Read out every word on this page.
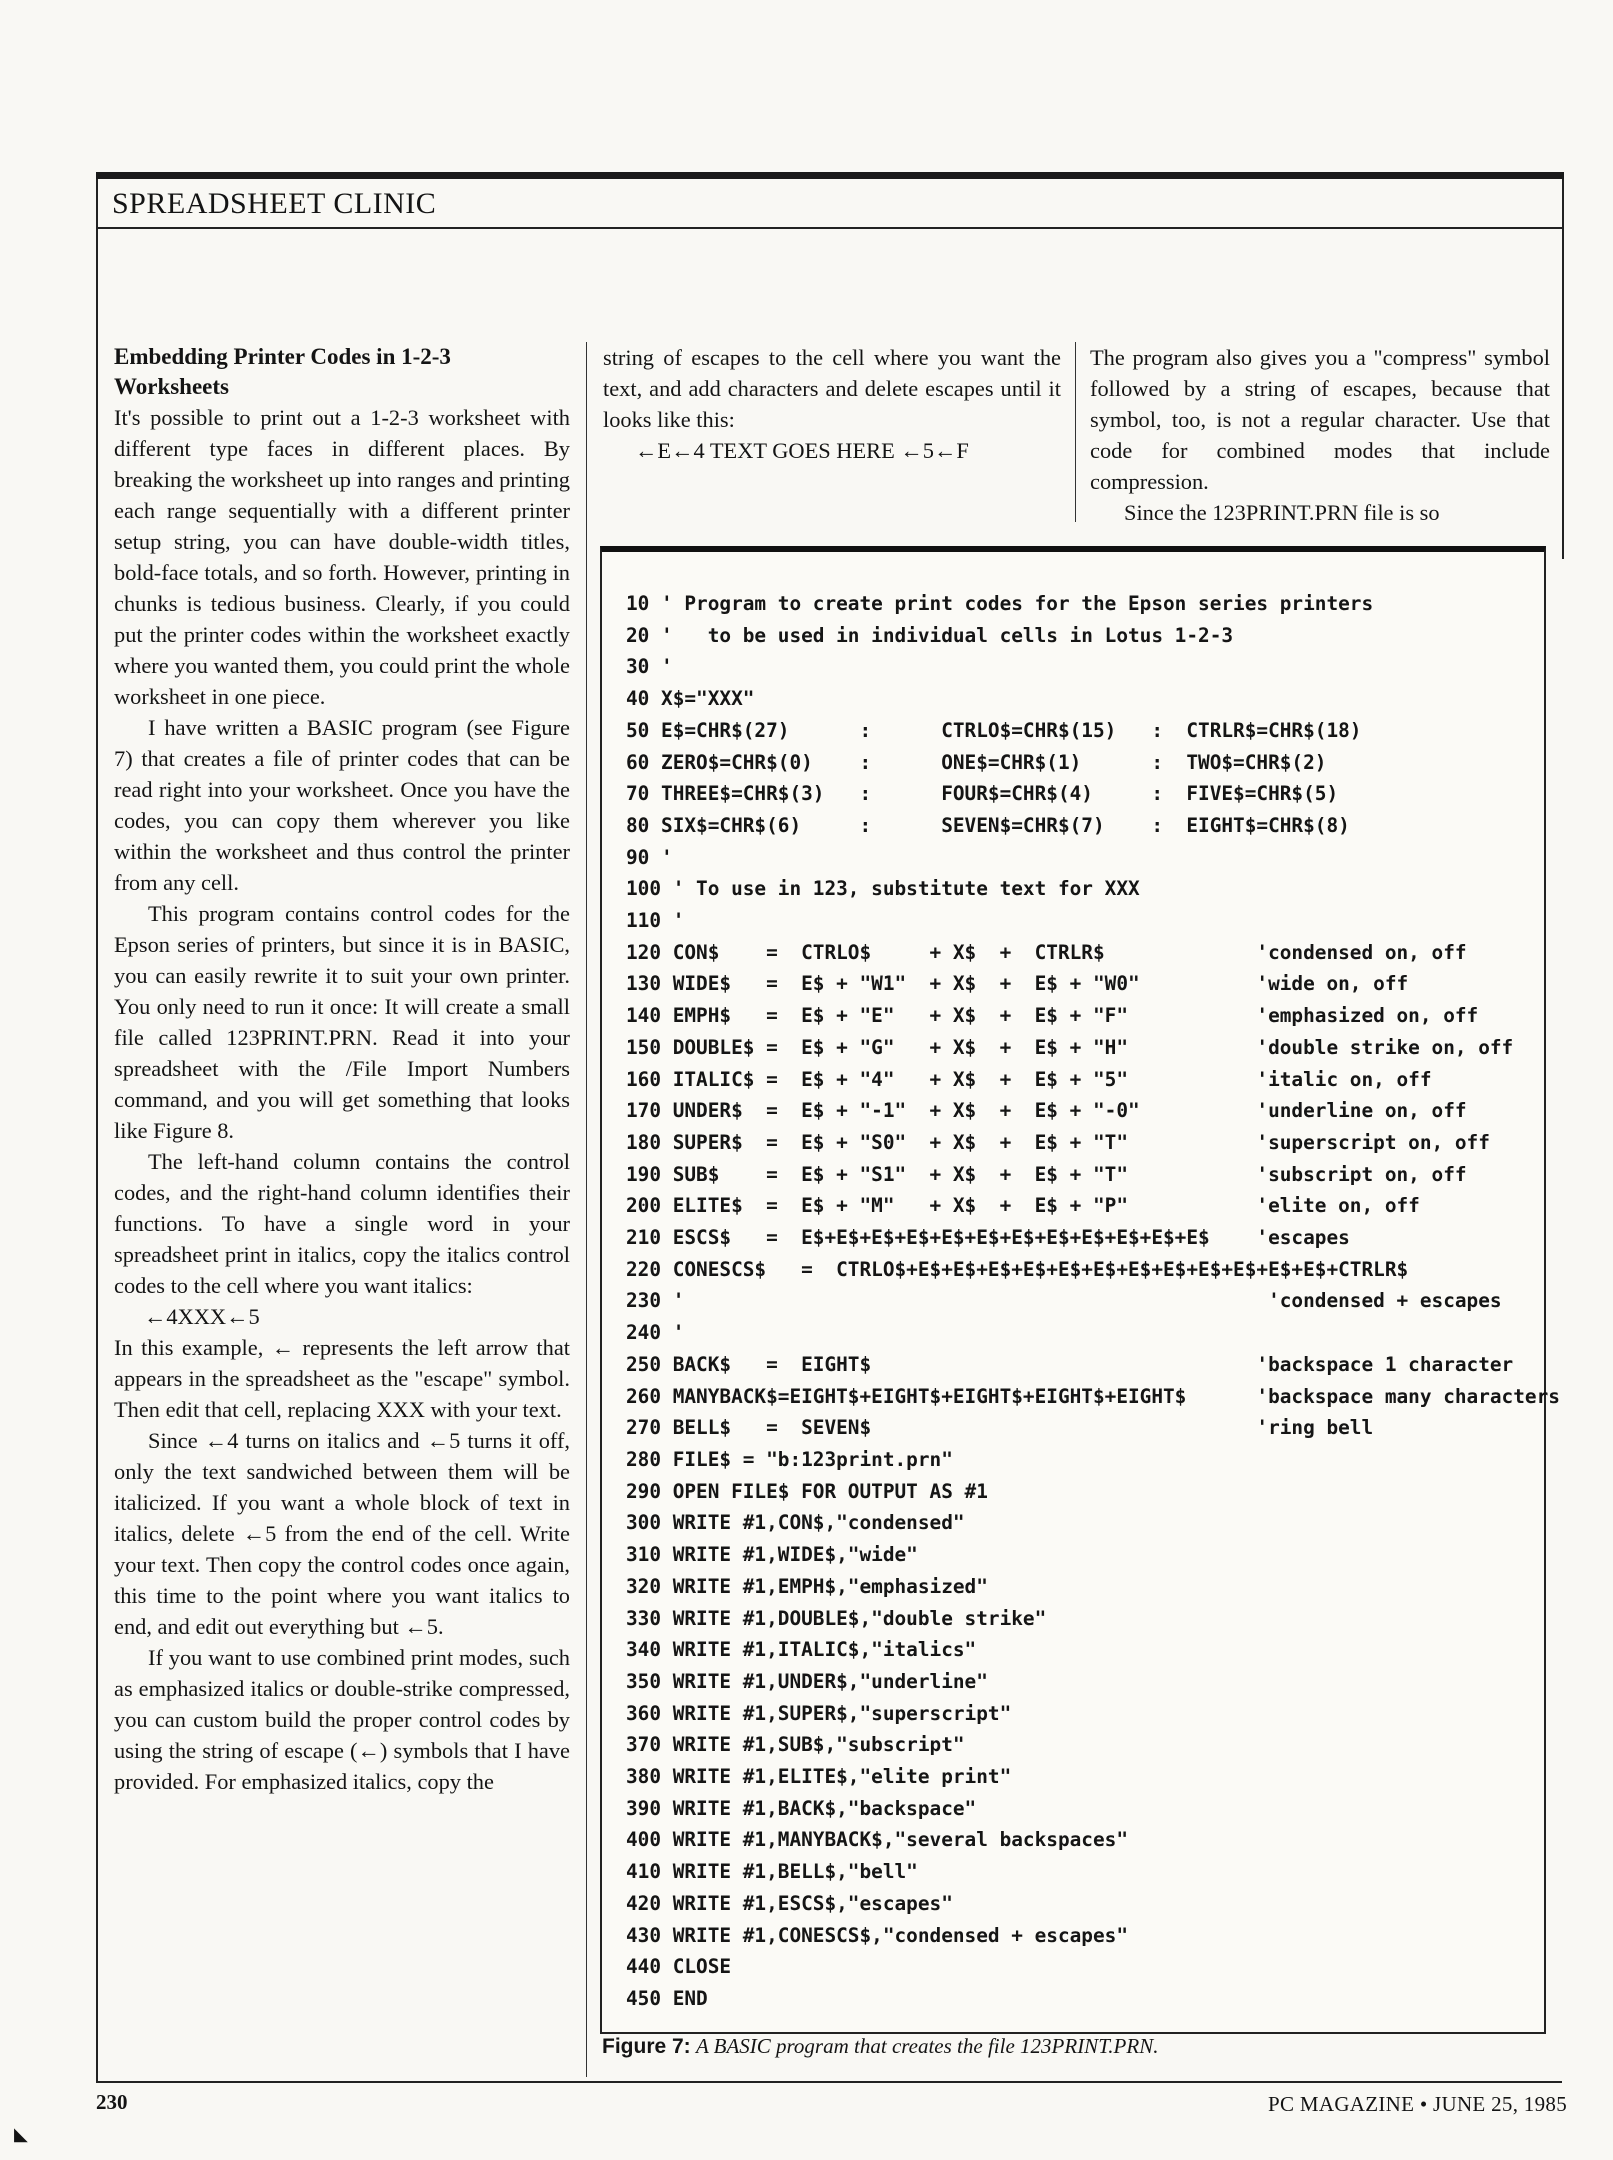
SPREADSHEET CLINIC

Embedding Printer Codes in 1-2-3 Worksheets

It's possible to print out a 1-2-3 worksheet with different type faces in different places. By breaking the worksheet up into ranges and printing each range sequentially with a different printer setup string, you can have double-width titles, bold-face totals, and so forth. However, printing in chunks is tedious business. Clearly, if you could put the printer codes within the worksheet exactly where you wanted them, you could print the whole worksheet in one piece.

I have written a BASIC program (see Figure 7) that creates a file of printer codes that can be read right into your worksheet. Once you have the codes, you can copy them wherever you like within the worksheet and thus control the printer from any cell.

This program contains control codes for the Epson series of printers, but since it is in BASIC, you can easily rewrite it to suit your own printer. You only need to run it once: It will create a small file called 123PRINT.PRN. Read it into your spreadsheet with the /File Import Numbers command, and you will get something that looks like Figure 8.

The left-hand column contains the control codes, and the right-hand column identifies their functions. To have a single word in your spreadsheet print in italics, copy the italics control codes to the cell where you want italics:

←4XXX←5

In this example, ← represents the left arrow that appears in the spreadsheet as the "escape" symbol. Then edit that cell, replacing XXX with your text.

Since ←4 turns on italics and ←5 turns it off, only the text sandwiched between them will be italicized. If you want a whole block of text in italics, delete ←5 from the end of the cell. Write your text. Then copy the control codes once again, this time to the point where you want italics to end, and edit out everything but ←5.

If you want to use combined print modes, such as emphasized italics or double-strike compressed, you can custom build the proper control codes by using the string of escape (←) symbols that I have provided. For emphasized italics, copy the

string of escapes to the cell where you want the text, and add characters and delete escapes until it looks like this:

←E←4 TEXT GOES HERE ←5←F

The program also gives you a "compress" symbol followed by a string of escapes, because that symbol, too, is not a regular character. Use that code for combined modes that include compression.

Since the 123PRINT.PRN file is so

10 ' Program to create print codes for the Epson series printers
20 '   to be used in individual cells in Lotus 1-2-3
30 '
40 X$="XXX"
50 E$=CHR$(27)      :      CTRLO$=CHR$(15)   :  CTRLR$=CHR$(18)
60 ZERO$=CHR$(0)    :      ONE$=CHR$(1)      :  TWO$=CHR$(2)
70 THREE$=CHR$(3)   :      FOUR$=CHR$(4)     :  FIVE$=CHR$(5)
80 SIX$=CHR$(6)     :      SEVEN$=CHR$(7)    :  EIGHT$=CHR$(8)
90 '
100 ' To use in 123, substitute text for XXX
110 '
120 CON$    =  CTRLO$     + X$  +  CTRLR$             'condensed on, off
130 WIDE$   =  E$ + "W1"  + X$  +  E$ + "W0"          'wide on, off
140 EMPH$   =  E$ + "E"   + X$  +  E$ + "F"           'emphasized on, off
150 DOUBLE$ =  E$ + "G"   + X$  +  E$ + "H"           'double strike on, off
160 ITALIC$ =  E$ + "4"   + X$  +  E$ + "5"           'italic on, off
170 UNDER$  =  E$ + "-1"  + X$  +  E$ + "-0"          'underline on, off
180 SUPER$  =  E$ + "S0"  + X$  +  E$ + "T"           'superscript on, off
190 SUB$    =  E$ + "S1"  + X$  +  E$ + "T"           'subscript on, off
200 ELITE$  =  E$ + "M"   + X$  +  E$ + "P"           'elite on, off
210 ESCS$   =  E$+E$+E$+E$+E$+E$+E$+E$+E$+E$+E$+E$    'escapes
220 CONESCS$   =  CTRLO$+E$+E$+E$+E$+E$+E$+E$+E$+E$+E$+E$+E$+CTRLR$
230 '                                                  'condensed + escapes
240 '
250 BACK$   =  EIGHT$                                 'backspace 1 character
260 MANYBACK$=EIGHT$+EIGHT$+EIGHT$+EIGHT$+EIGHT$      'backspace many characters
270 BELL$   =  SEVEN$                                 'ring bell
280 FILE$ = "b:123print.prn"
290 OPEN FILE$ FOR OUTPUT AS #1
300 WRITE #1,CON$,"condensed"
310 WRITE #1,WIDE$,"wide"
320 WRITE #1,EMPH$,"emphasized"
330 WRITE #1,DOUBLE$,"double strike"
340 WRITE #1,ITALIC$,"italics"
350 WRITE #1,UNDER$,"underline"
360 WRITE #1,SUPER$,"superscript"
370 WRITE #1,SUB$,"subscript"
380 WRITE #1,ELITE$,"elite print"
390 WRITE #1,BACK$,"backspace"
400 WRITE #1,MANYBACK$,"several backspaces"
410 WRITE #1,BELL$,"bell"
420 WRITE #1,ESCS$,"escapes"
430 WRITE #1,CONESCS$,"condensed + escapes"
440 CLOSE
450 END
Figure 7: A BASIC program that creates the file 123PRINT.PRN.
230	PC MAGAZINE • JUNE 25, 1985
◣
